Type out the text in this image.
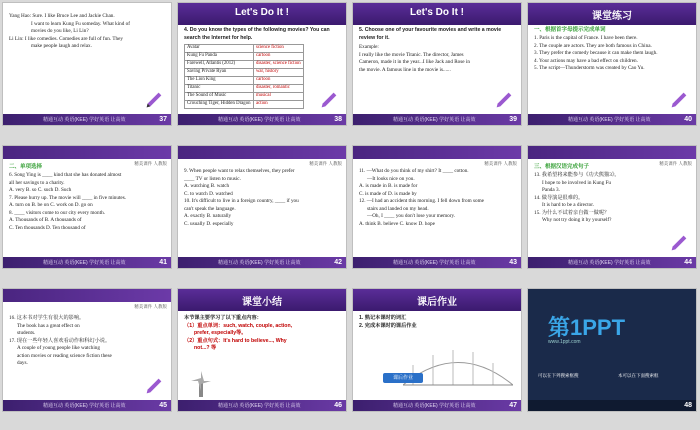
Yang Hao: Sure. I like Bruce Lee and Jackie Chan.
I want to learn Kung Fu someday. What kind of
movies do you like, Li Lin?
Li Lin: I like comedies. Comedies are full of fun. They
make people laugh and relax.
精通互动 英语(KEE) 学好英语 让高效	37
Let's Do It !
4. Do you know the types of the following movies? You can search the Internet for help.
Avatar	science fiction
Kung Fu Panda	cartoon
Farewell, Atlantis (2012)	disaster, science fiction
Saving Private Ryan	war, history
The Lion King	cartoon
Titanic	disaster, romantic
The Sound of Music	musical
Crouching Tiger, Hidden Dragon	action
精通互动 英语(KEE) 学好英语 让高效	38
Let's Do It !
5. Choose one of your favourite movies and write a movie review for it.
Example:
I really like the movie Titanic. The director, James
Cameron, made it in the year...I like Jack and Rose in
the movie. A famous line in the movie is......
精通互动 英语(KEE) 学好英语 让高效	39
课堂练习
一、根据首字母提示完成单词
1. Paris is the capital of France. I have been there.
2. The couple are actors. They are both famous in China.
3. They prefer the comedy because it can make them laugh.
4. Your actions may have a bad effect on children.
5. The script—Thunderstorm was created by Cao Yu.
精通互动 英语(KEE) 学好英语 让高效	40
精美课件 人教版
二、单项选择
6. Song Ying is ____ kind that she has donated almost
all her savings to a charity.
A. very B. so C. such D. Such
7. Please hurry up. The movie will ____ in five minutes.
A. turn on B. be on C. work on D. go on
8. ____ visitors come to our city every month.
A. Thousands of B. A thousands of
C. Ten thousands D. Ten thousand of
精通互动 英语(KEE) 学好英语 让高效	41
精美课件 人教版
9. When people want to relax themselves, they prefer
____ TV or listen to music.
A. watching B. watch
C. to watch D. watched
10. It's difficult to live in a foreign country, ____ if you
can't speak the language.
A. exactly B. naturally
C. usually D. especially
精通互动 英语(KEE) 学好英语 让高效	42
精美课件 人教版
11. —What do you think of my shirt? It ____ cotton.
—It looks nice on you.
A. is made in B. is made for
C. is made of D. is made by
12. —I had an accident this morning. I fell down from some
stairs and landed on my head.
—Oh, I ____ you don't lose your memory.
A. think B. believe C. know D. hope
精通互动 英语(KEE) 学好英语 让高效	43
精美课件 人教版
三、根据汉语完成句子
13. 我希望将来能参与《功夫熊猫3》。
I hope to be involved in Kung Fu
Panda 3.
14. 做导演是很难的。
It is hard to be a director.
15. 为什么不试着亲自做一做呢？
Why not try doing it by yourself?
精通互动 英语(KEE) 学好英语 让高效	44
精美课件 人教版
16. 这本书对学生有很大的影响。
The book has a great effect on
students.
17. 现在一些年轻人喜欢看动作和科幻小说。
A couple of young people like watching
action movies or reading science fiction these
days.
精通互动 英语(KEE) 学好英语 让高效	45
课堂小结
本节课主要学习了以下重点内容：
（1）重点单词：such, watch, couple, action,
prefer, especially等。
（2）重点句式：It's hard to believe..., Why
not...? 等
精通互动 英语(KEE) 学好英语 让高效	46
课后作业
1. 熟记本课时的词汇
2. 完成本课时的课后作业
课后作业
精通互动 英语(KEE) 学好英语 让高效	47
第1PPT
www.1ppt.com
可以在下列搜索框搜	本可以在下面搜索框
48
